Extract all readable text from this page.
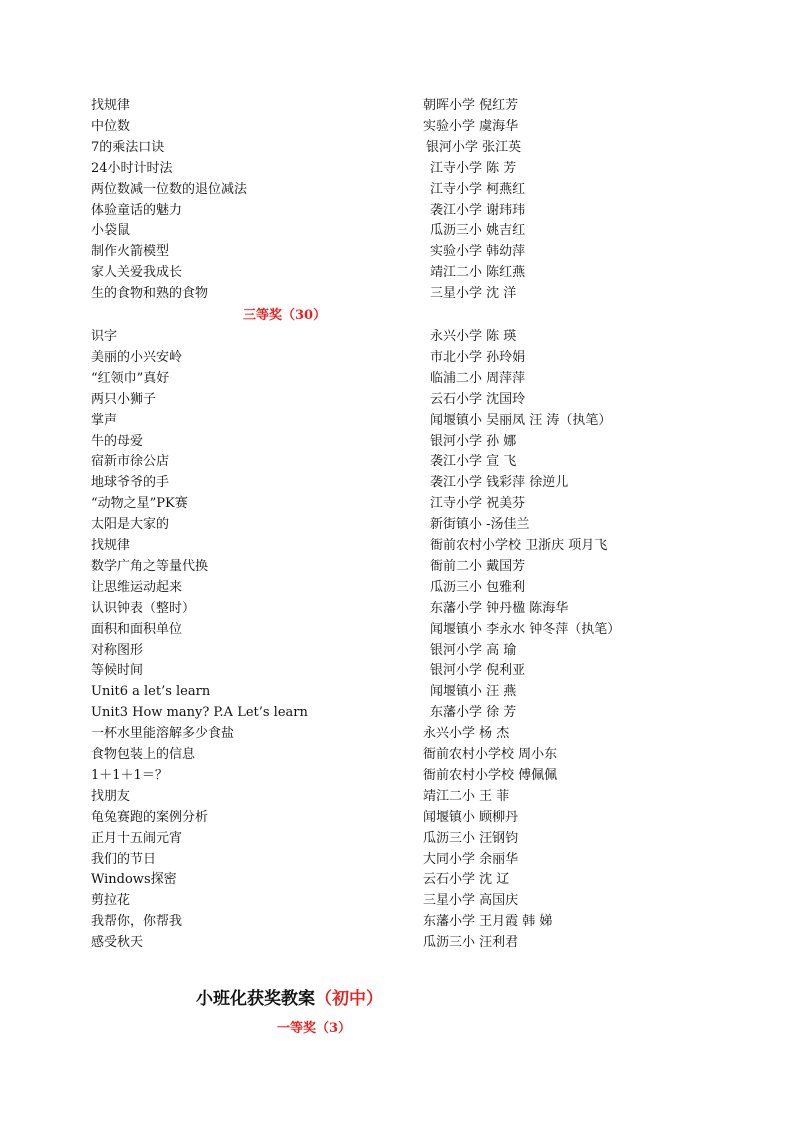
找规律	朝晖小学 倪红芳
中位数	实验小学 虞海华
7的乘法口诀	银河小学 张江英
24小时计时法	江寺小学 陈 芳
两位数减一位数的退位减法	江寺小学 柯燕红
体验童话的魅力	袭江小学 谢玮玮
小袋鼠	瓜沥三小 姚吉红
制作火箭模型	实验小学 韩幼萍
家人关爱我成长	靖江二小 陈红燕
生的食物和熟的食物	三星小学 沈 洋
三等奖（30）
识字	永兴小学 陈 瑛
美丽的小兴安岭	市北小学 孙玲娟
“红领巾”真好	临浦二小 周萍萍
两只小狮子	云石小学 沈国玲
掌声	闻堰镇小 吴丽凤 汪 涛（执笔）
牛的母爱	银河小学 孙 娜
宿新市徐公店	袭江小学 宣 飞
地球爷爷的手	袭江小学 钱彩萍 徐逆儿
“动物之星”PK赛	江寺小学 祝美芬
太阳是大家的	新街镇小 -汤佳兰
找规律	衙前农村小学校 卫浙庆 项月飞
数学广角之等量代换	衙前二小 戴国芳
让思维运动起来	瓜沥三小 包雅利
认识钟表（整时）	东藩小学 钟丹楹 陈海华
面积和面积单位	闻堰镇小 李永水 钟冬萍（执笔）
对称图形	银河小学 高 瑜
等候时间	银河小学 倪利亚
Unit6 a let’s learn	闻堰镇小 汪 燕
Unit3 How many? P.A Let’s learn	东藩小学 徐 芳
一杯水里能溶解多少食盐	永兴小学 杨 杰
食物包装上的信息	衙前农村小学校 周小东
1＋1＋1＝？	衙前农村小学校 傅佩佩
找朋友	靖江二小 王 菲
龟兔赛跑的案例分析	闻堰镇小 顾柳丹
正月十五闹元宵	瓜沥三小 汪钢钧
我们的节日	大同小学 余丽华
Windows探密	云石小学 沈 辽
剪拉花	三星小学 高国庆
我帮你，你帮我	东藩小学 王月霞 韩 娣
感受秋天	瓜沥三小 汪利君
小班化获奖教案（初中）
一等奖（3）
